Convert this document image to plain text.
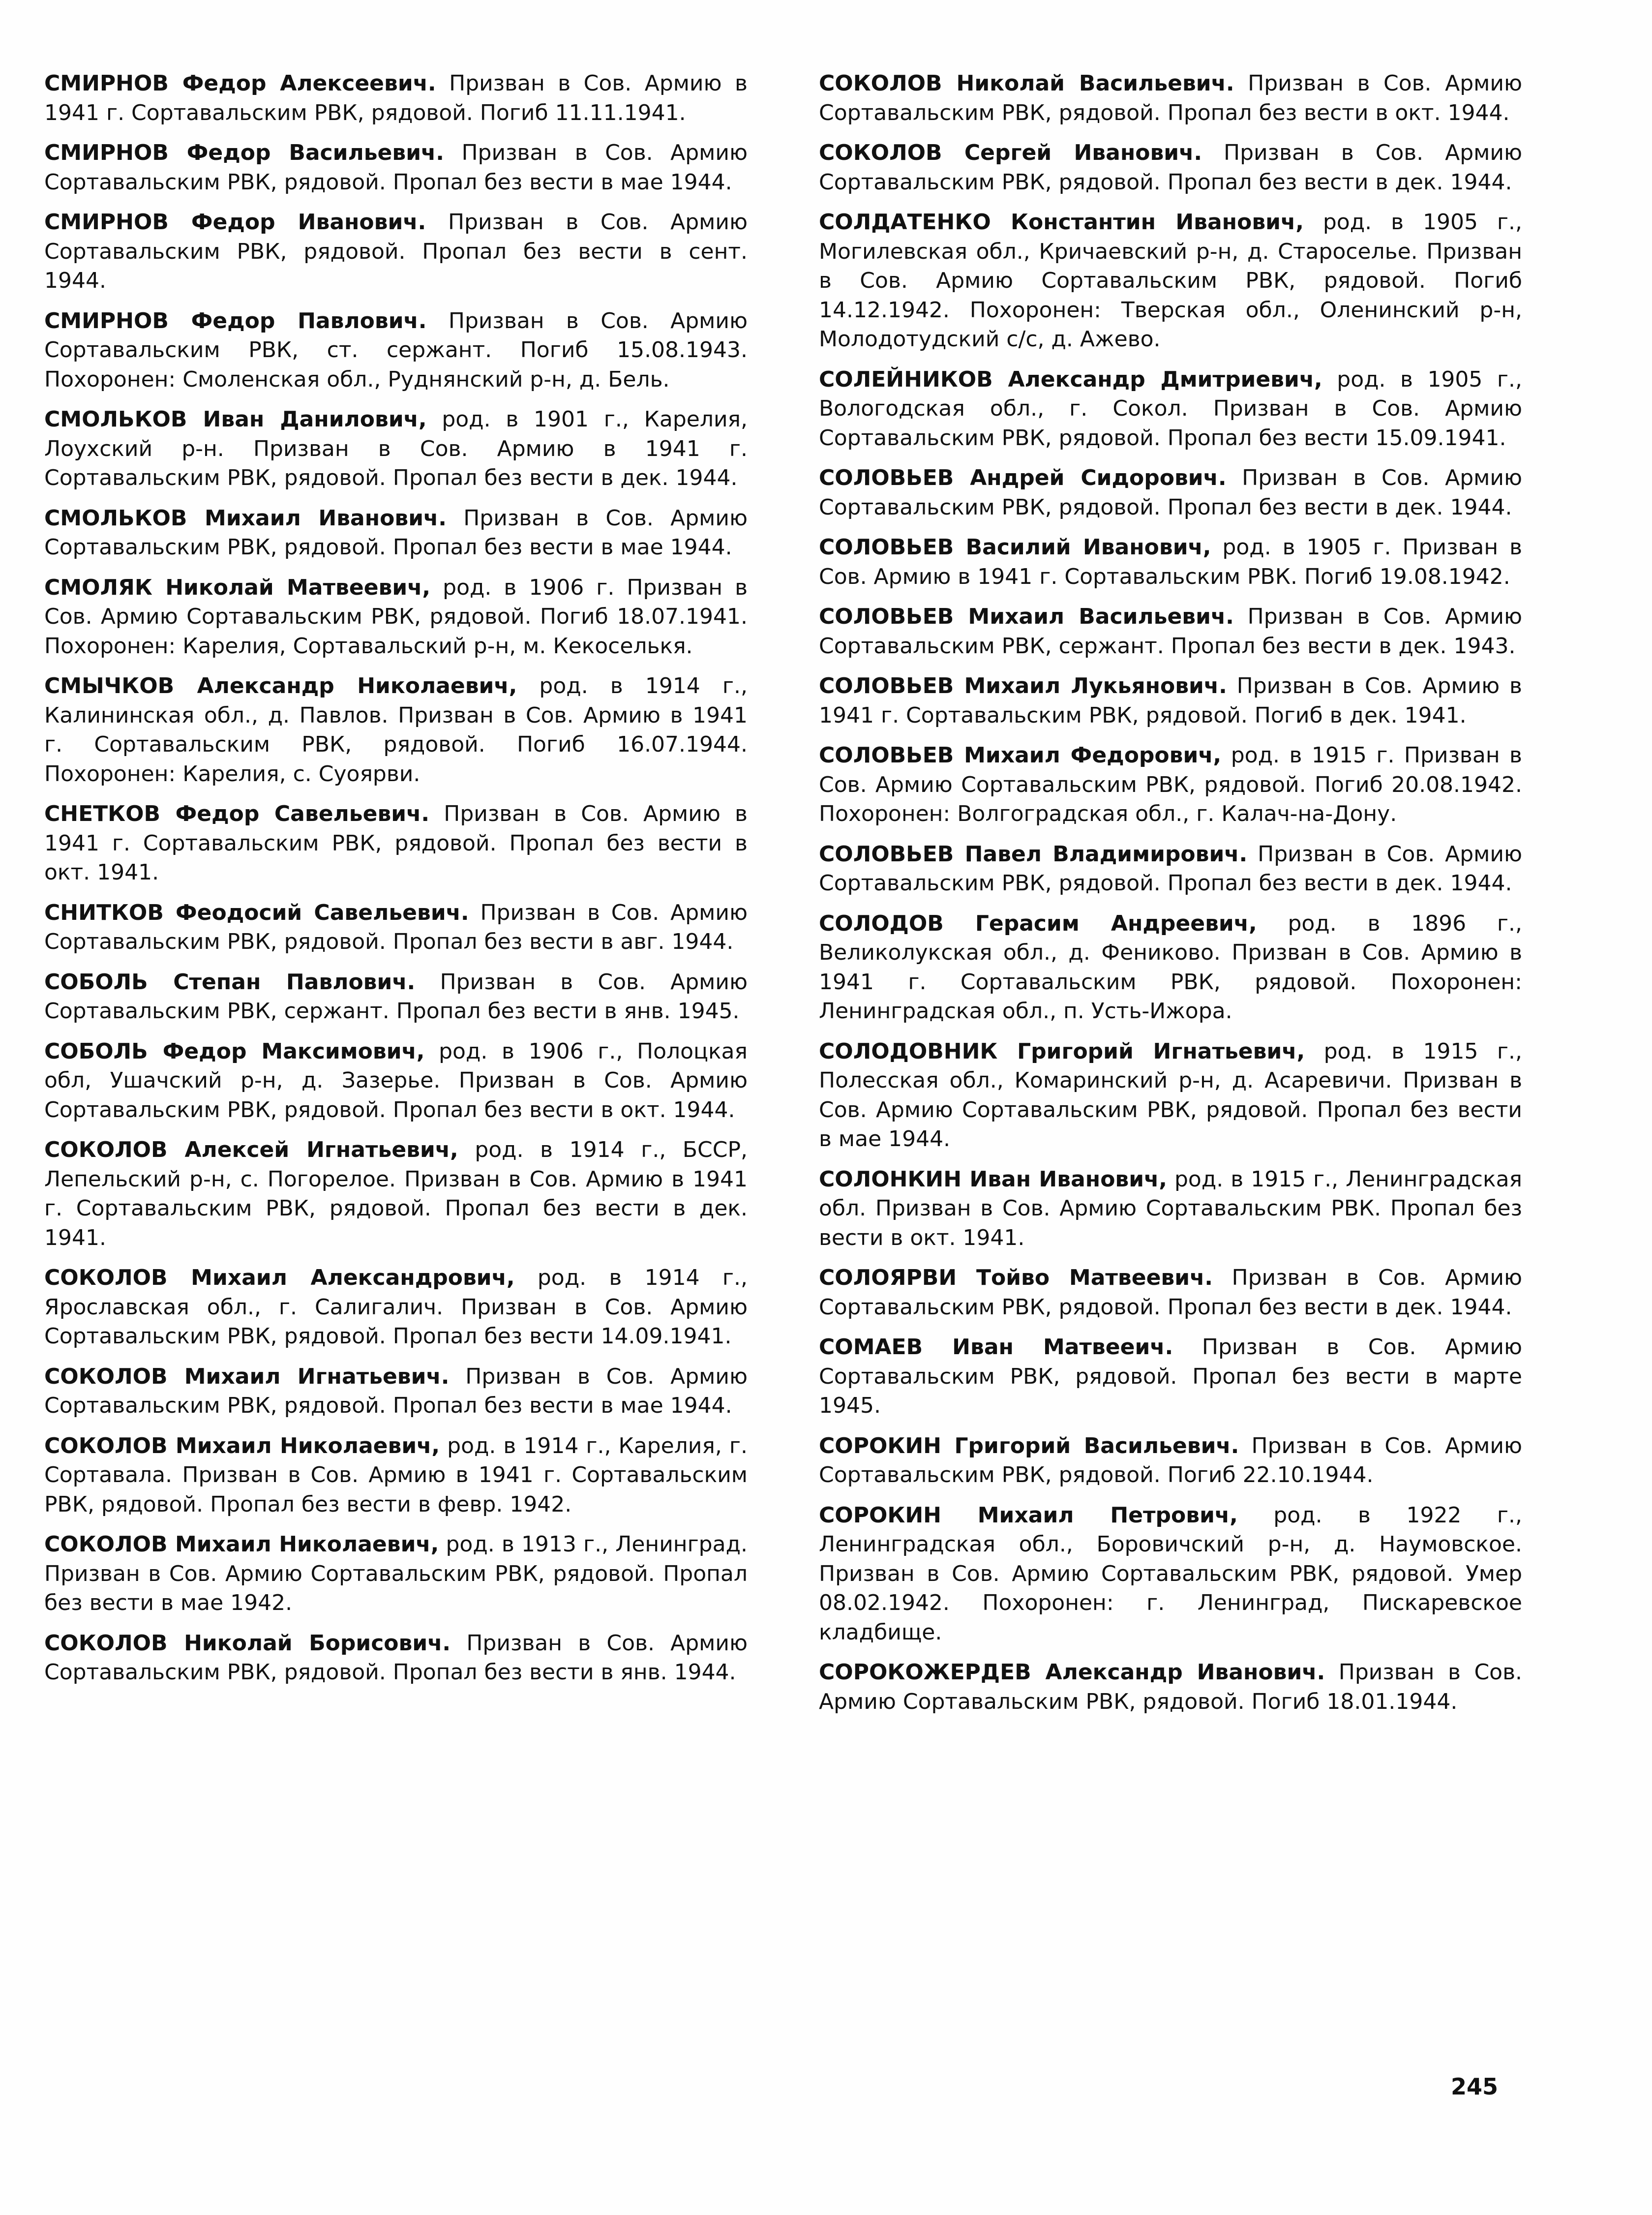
СМИРНОВ Федор Алексеевич. Призван в Сов. Армию в 1941 г. Сортавальским РВК, рядовой. Погиб 11.11.1941.

СМИРНОВ Федор Васильевич. Призван в Сов. Армию Сортавальским РВК, рядовой. Пропал без вести в мае 1944.

СМИРНОВ Федор Иванович. Призван в Сов. Армию Сортавальским РВК, рядовой. Пропал без вести в сент. 1944.

СМИРНОВ Федор Павлович. Призван в Сов. Армию Сортавальским РВК, ст. сержант. Погиб 15.08.1943. Похоронен: Смоленская обл., Руднянский р-н, д. Бель.

СМОЛЬКОВ Иван Данилович, род. в 1901 г., Карелия, Лоухский р-н. Призван в Сов. Армию в 1941 г. Сортавальским РВК, рядовой. Пропал без вести в дек. 1944.

СМОЛЬКОВ Михаил Иванович. Призван в Сов. Армию Сортавальским РВК, рядовой. Пропал без вести в мае 1944.

СМОЛЯК Николай Матвеевич, род. в 1906 г. Призван в Сов. Армию Сортавальским РВК, рядовой. Погиб 18.07.1941. Похоронен: Карелия, Сортавальский р-н, м. Кекоселькя.

СМЫЧКОВ Александр Николаевич, род. в 1914 г., Калининская обл., д. Павлов. Призван в Сов. Армию в 1941 г. Сортавальским РВК, рядовой. Погиб 16.07.1944. Похоронен: Карелия, с. Суоярви.

СНЕТКОВ Федор Савельевич. Призван в Сов. Армию в 1941 г. Сортавальским РВК, рядовой. Пропал без вести в окт. 1941.

СНИТКОВ Феодосий Савельевич. Призван в Сов. Армию Сортавальским РВК, рядовой. Пропал без вести в авг. 1944.

СОБОЛЬ Степан Павлович. Призван в Сов. Армию Сортавальским РВК, сержант. Пропал без вести в янв. 1945.

СОБОЛЬ Федор Максимович, род. в 1906 г., Полоцкая обл, Ушачский р-н, д. Зазерье. Призван в Сов. Армию Сортавальским РВК, рядовой. Пропал без вести в окт. 1944.

СОКОЛОВ Алексей Игнатьевич, род. в 1914 г., БССР, Лепельский р-н, с. Погорелое. Призван в Сов. Армию в 1941 г. Сортавальским РВК, рядовой. Пропал без вести в дек. 1941.

СОКОЛОВ Михаил Александрович, род. в 1914 г., Ярославская обл., г. Салигалич. Призван в Сов. Армию Сортавальским РВК, рядовой. Пропал без вести 14.09.1941.

СОКОЛОВ Михаил Игнатьевич. Призван в Сов. Армию Сортавальским РВК, рядовой. Пропал без вести в мае 1944.

СОКОЛОВ Михаил Николаевич, род. в 1914 г., Карелия, г. Сортавала. Призван в Сов. Армию в 1941 г. Сортавальским РВК, рядовой. Пропал без вести в февр. 1942.

СОКОЛОВ Михаил Николаевич, род. в 1913 г., Ленинград. Призван в Сов. Армию Сортавальским РВК, рядовой. Пропал без вести в мае 1942.

СОКОЛОВ Николай Борисович. Призван в Сов. Армию Сортавальским РВК, рядовой. Пропал без вести в янв. 1944.

СОКОЛОВ Николай Васильевич. Призван в Сов. Армию Сортавальским РВК, рядовой. Пропал без вести в окт. 1944.

СОКОЛОВ Сергей Иванович. Призван в Сов. Армию Сортавальским РВК, рядовой. Пропал без вести в дек. 1944.

СОЛДАТЕНКО Константин Иванович, род. в 1905 г., Могилевская обл., Кричаевский р-н, д. Староселье. Призван в Сов. Армию Сортавальским РВК, рядовой. Погиб 14.12.1942. Похоронен: Тверская обл., Оленинский р-н, Молодотудский с/с, д. Ажево.

СОЛЕЙНИКОВ Александр Дмитриевич, род. в 1905 г., Вологодская обл., г. Сокол. Призван в Сов. Армию Сортавальским РВК, рядовой. Пропал без вести 15.09.1941.

СОЛОВЬЕВ Андрей Сидорович. Призван в Сов. Армию Сортавальским РВК, рядовой. Пропал без вести в дек. 1944.

СОЛОВЬЕВ Василий Иванович, род. в 1905 г. Призван в Сов. Армию в 1941 г. Сортавальским РВК. Погиб 19.08.1942.

СОЛОВЬЕВ Михаил Васильевич. Призван в Сов. Армию Сортавальским РВК, сержант. Пропал без вести в дек. 1943.

СОЛОВЬЕВ Михаил Лукьянович. Призван в Сов. Армию в 1941 г. Сортавальским РВК, рядовой. Погиб в дек. 1941.

СОЛОВЬЕВ Михаил Федорович, род. в 1915 г. Призван в Сов. Армию Сортавальским РВК, рядовой. Погиб 20.08.1942. Похоронен: Волгоградская обл., г. Калач-на-Дону.

СОЛОВЬЕВ Павел Владимирович. Призван в Сов. Армию Сортавальским РВК, рядовой. Пропал без вести в дек. 1944.

СОЛОДОВ Герасим Андреевич, род. в 1896 г., Великолукская обл., д. Фениково. Призван в Сов. Армию в 1941 г. Сортавальским РВК, рядовой. Похоронен: Ленинградская обл., п. Усть-Ижора.

СОЛОДОВНИК Григорий Игнатьевич, род. в 1915 г., Полесская обл., Комаринский р-н, д. Асаревичи. Призван в Сов. Армию Сортавальским РВК, рядовой. Пропал без вести в мае 1944.

СОЛОНКИН Иван Иванович, род. в 1915 г., Ленинградская обл. Призван в Сов. Армию Сортавальским РВК. Пропал без вести в окт. 1941.

СОЛОЯРВИ Тойво Матвеевич. Призван в Сов. Армию Сортавальским РВК, рядовой. Пропал без вести в дек. 1944.

СОМАЕВ Иван Матвееич. Призван в Сов. Армию Сортавальским РВК, рядовой. Пропал без вести в марте 1945.

СОРОКИН Григорий Васильевич. Призван в Сов. Армию Сортавальским РВК, рядовой. Погиб 22.10.1944.

СОРОКИН Михаил Петрович, род. в 1922 г., Ленинградская обл., Боровичский р-н, д. Наумовское. Призван в Сов. Армию Сортавальским РВК, рядовой. Умер 08.02.1942. Похоронен: г. Ленинград, Пискаревское кладбище.

СОРОКОЖЕРДЕВ Александр Иванович. Призван в Сов. Армию Сортавальским РВК, рядовой. Погиб 18.01.1944.

245
